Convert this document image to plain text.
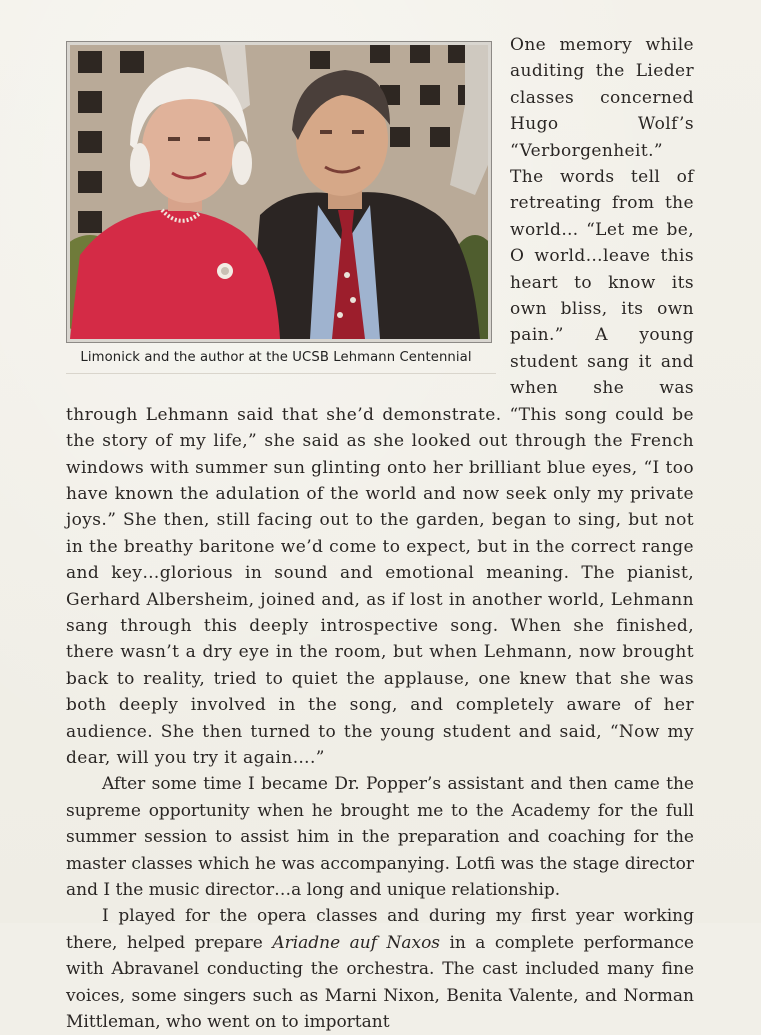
Limonick and the author at the UCSB Lehmann Centennial

One memory while auditing the Lieder classes concerned Hugo Wolf’s “Verborgenheit.” The words tell of retreating from the world… “Let me be, O world…leave this heart to know its own bliss, its own pain.” A young student sang it and when she was through Lehmann said that she’d demonstrate. “This song could be the story of my life,” she said as she looked out through the French windows with summer sun glinting onto her brilliant blue eyes, “I too have known the adulation of the world and now seek only my private joys.” She then, still facing out to the garden, began to sing, but not in the breathy baritone we’d come to expect, but in the correct range and key…glorious in sound and emotional meaning. The pianist, Gerhard Albersheim, joined and, as if lost in another world, Lehmann sang through this deeply introspective song. When she finished, there wasn’t a dry eye in the room, but when Lehmann, now brought back to reality, tried to quiet the applause, one knew that she was both deeply involved in the song, and completely aware of her audience. She then turned to the young student and said, “Now my dear, will you try it again….”

After some time I became Dr. Popper’s assistant and then came the supreme opportunity when he brought me to the Academy for the full summer session to assist him in the preparation and coaching for the master classes which he was accompanying. Lotfi was the stage director and I the music director…a long and unique relationship.

I played for the opera classes and during my first year working there, helped prepare Ariadne auf Naxos in a complete performance with Abravanel conducting the orchestra. The cast included many fine voices, some singers such as Marni Nixon, Benita Valente, and Norman Mittleman, who went on to important
